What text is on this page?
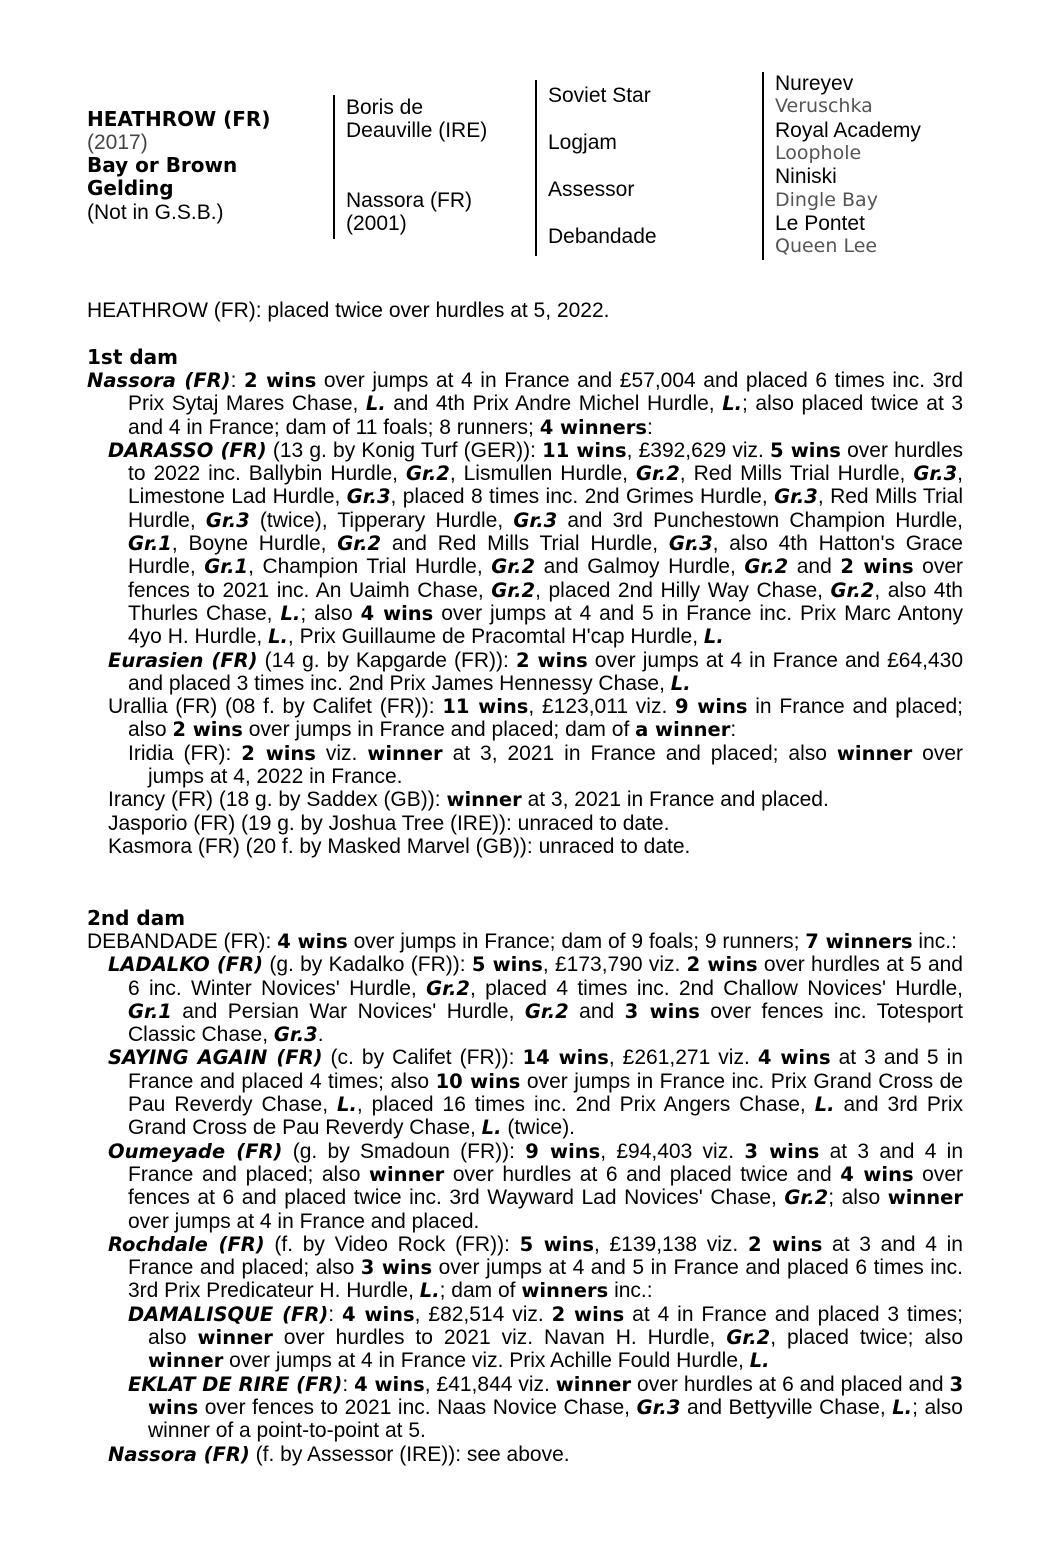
HEATHROW (FR)
(2017)
Bay or Brown
Gelding
(Not in G.S.B.)
Boris de
Deauville (IRE)
Nassora (FR)
(2001)
Soviet Star
Logjam
Assessor
Debandade
Nureyev
Veruschka
Royal Academy
Loophole
Niniski
Dingle Bay
Le Pontet
Queen Lee
HEATHROW (FR): placed twice over hurdles at 5, 2022.
1st dam

Nassora (FR): 2 wins over jumps at 4 in France and £57,004 and placed 6 times inc. 3rd Prix Sytaj Mares Chase, L. and 4th Prix Andre Michel Hurdle, L.; also placed twice at 3 and 4 in France; dam of 11 foals; 8 runners; 4 winners:

DARASSO (FR) (13 g. by Konig Turf (GER)): 11 wins, £392,629 viz. 5 wins over hurdles to 2022 inc. Ballybin Hurdle, Gr.2, Lismullen Hurdle, Gr.2, Red Mills Trial Hurdle, Gr.3, Limestone Lad Hurdle, Gr.3, placed 8 times inc. 2nd Grimes Hurdle, Gr.3, Red Mills Trial Hurdle, Gr.3 (twice), Tipperary Hurdle, Gr.3 and 3rd Punchestown Champion Hurdle, Gr.1, Boyne Hurdle, Gr.2 and Red Mills Trial Hurdle, Gr.3, also 4th Hatton's Grace Hurdle, Gr.1, Champion Trial Hurdle, Gr.2 and Galmoy Hurdle, Gr.2 and 2 wins over fences to 2021 inc. An Uaimh Chase, Gr.2, placed 2nd Hilly Way Chase, Gr.2, also 4th Thurles Chase, L.; also 4 wins over jumps at 4 and 5 in France inc. Prix Marc Antony 4yo H. Hurdle, L., Prix Guillaume de Pracomtal H'cap Hurdle, L.

Eurasien (FR) (14 g. by Kapgarde (FR)): 2 wins over jumps at 4 in France and £64,430 and placed 3 times inc. 2nd Prix James Hennessy Chase, L.

Urallia (FR) (08 f. by Califet (FR)): 11 wins, £123,011 viz. 9 wins in France and placed; also 2 wins over jumps in France and placed; dam of a winner:

Iridia (FR): 2 wins viz. winner at 3, 2021 in France and placed; also winner over jumps at 4, 2022 in France.

Irancy (FR) (18 g. by Saddex (GB)): winner at 3, 2021 in France and placed.

Jasporio (FR) (19 g. by Joshua Tree (IRE)): unraced to date.

Kasmora (FR) (20 f. by Masked Marvel (GB)): unraced to date.

2nd dam

DEBANDADE (FR): 4 wins over jumps in France; dam of 9 foals; 9 runners; 7 winners inc.:

LADALKO (FR) (g. by Kadalko (FR)): 5 wins, £173,790 viz. 2 wins over hurdles at 5 and 6 inc. Winter Novices' Hurdle, Gr.2, placed 4 times inc. 2nd Challow Novices' Hurdle, Gr.1 and Persian War Novices' Hurdle, Gr.2 and 3 wins over fences inc. Totesport Classic Chase, Gr.3.

SAYING AGAIN (FR) (c. by Califet (FR)): 14 wins, £261,271 viz. 4 wins at 3 and 5 in France and placed 4 times; also 10 wins over jumps in France inc. Prix Grand Cross de Pau Reverdy Chase, L., placed 16 times inc. 2nd Prix Angers Chase, L. and 3rd Prix Grand Cross de Pau Reverdy Chase, L. (twice).

Oumeyade (FR) (g. by Smadoun (FR)): 9 wins, £94,403 viz. 3 wins at 3 and 4 in France and placed; also winner over hurdles at 6 and placed twice and 4 wins over fences at 6 and placed twice inc. 3rd Wayward Lad Novices' Chase, Gr.2; also winner over jumps at 4 in France and placed.

Rochdale (FR) (f. by Video Rock (FR)): 5 wins, £139,138 viz. 2 wins at 3 and 4 in France and placed; also 3 wins over jumps at 4 and 5 in France and placed 6 times inc. 3rd Prix Predicateur H. Hurdle, L.; dam of winners inc.:

DAMALISQUE (FR): 4 wins, £82,514 viz. 2 wins at 4 in France and placed 3 times; also winner over hurdles to 2021 viz. Navan H. Hurdle, Gr.2, placed twice; also winner over jumps at 4 in France viz. Prix Achille Fould Hurdle, L.

EKLAT DE RIRE (FR): 4 wins, £41,844 viz. winner over hurdles at 6 and placed and 3 wins over fences to 2021 inc. Naas Novice Chase, Gr.3 and Bettyville Chase, L.; also winner of a point-to-point at 5.

Nassora (FR) (f. by Assessor (IRE)): see above.
